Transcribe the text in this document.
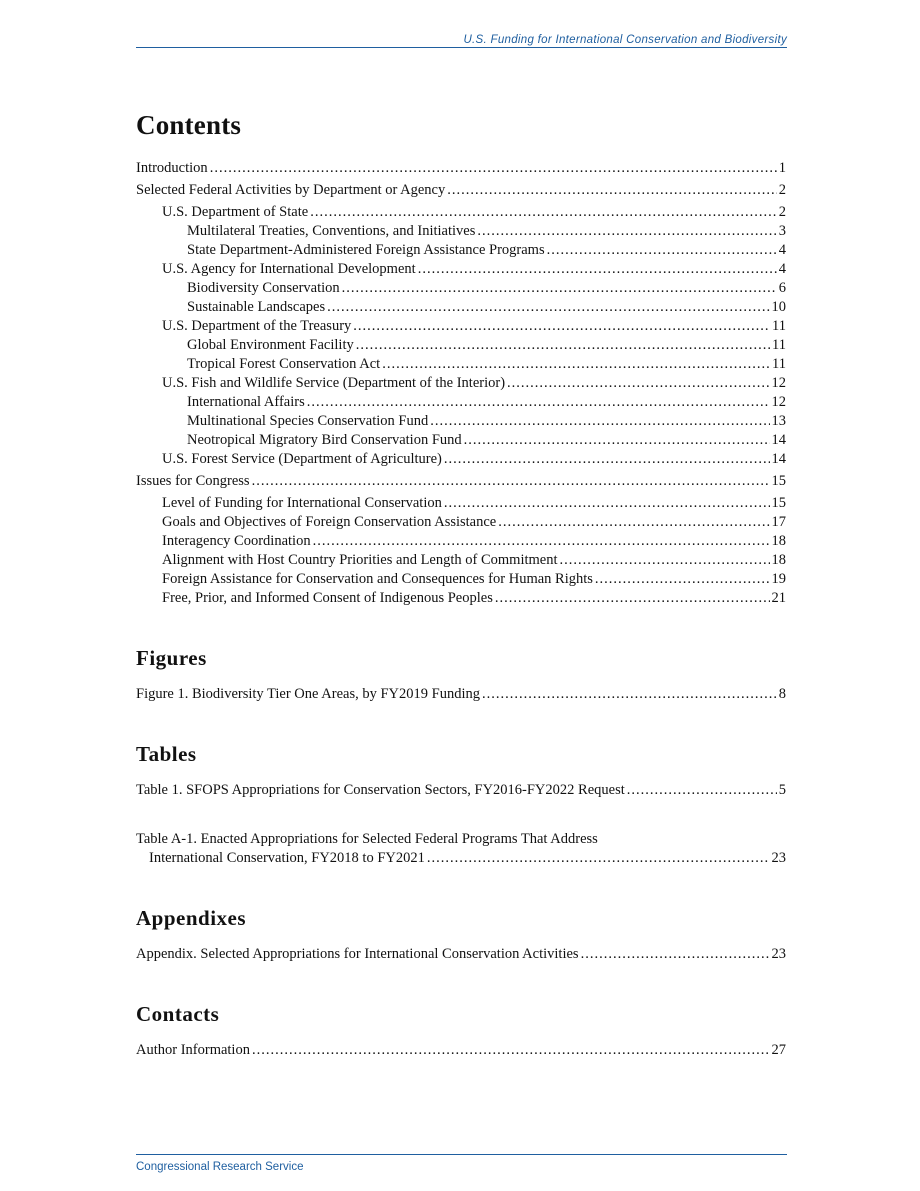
U.S. Funding for International Conservation and Biodiversity
Contents
Introduction .....	1
Selected Federal Activities by Department or Agency .....	2
U.S. Department of State .....	2
Multilateral Treaties, Conventions, and Initiatives .....	3
State Department-Administered Foreign Assistance Programs .....	4
U.S. Agency for International Development .....	4
Biodiversity Conservation .....	6
Sustainable Landscapes .....	10
U.S. Department of the Treasury .....	11
Global Environment Facility .....	11
Tropical Forest Conservation Act .....	11
U.S. Fish and Wildlife Service (Department of the Interior) .....	12
International Affairs .....	12
Multinational Species Conservation Fund .....	13
Neotropical Migratory Bird Conservation Fund .....	14
U.S. Forest Service (Department of Agriculture) .....	14
Issues for Congress .....	15
Level of Funding for International Conservation .....	15
Goals and Objectives of Foreign Conservation Assistance .....	17
Interagency Coordination .....	18
Alignment with Host Country Priorities and Length of Commitment .....	18
Foreign Assistance for Conservation and Consequences for Human Rights .....	19
Free, Prior, and Informed Consent of Indigenous Peoples .....	21
Figures
Figure 1. Biodiversity Tier One Areas, by FY2019 Funding .....	8
Tables
Table 1. SFOPS Appropriations for Conservation Sectors, FY2016-FY2022 Request .....	5
Table A-1. Enacted Appropriations for Selected Federal Programs That Address
International Conservation, FY2018 to FY2021 .....	23
Appendixes
Appendix. Selected Appropriations for International Conservation Activities .....	23
Contacts
Author Information .....	27
Congressional Research Service
